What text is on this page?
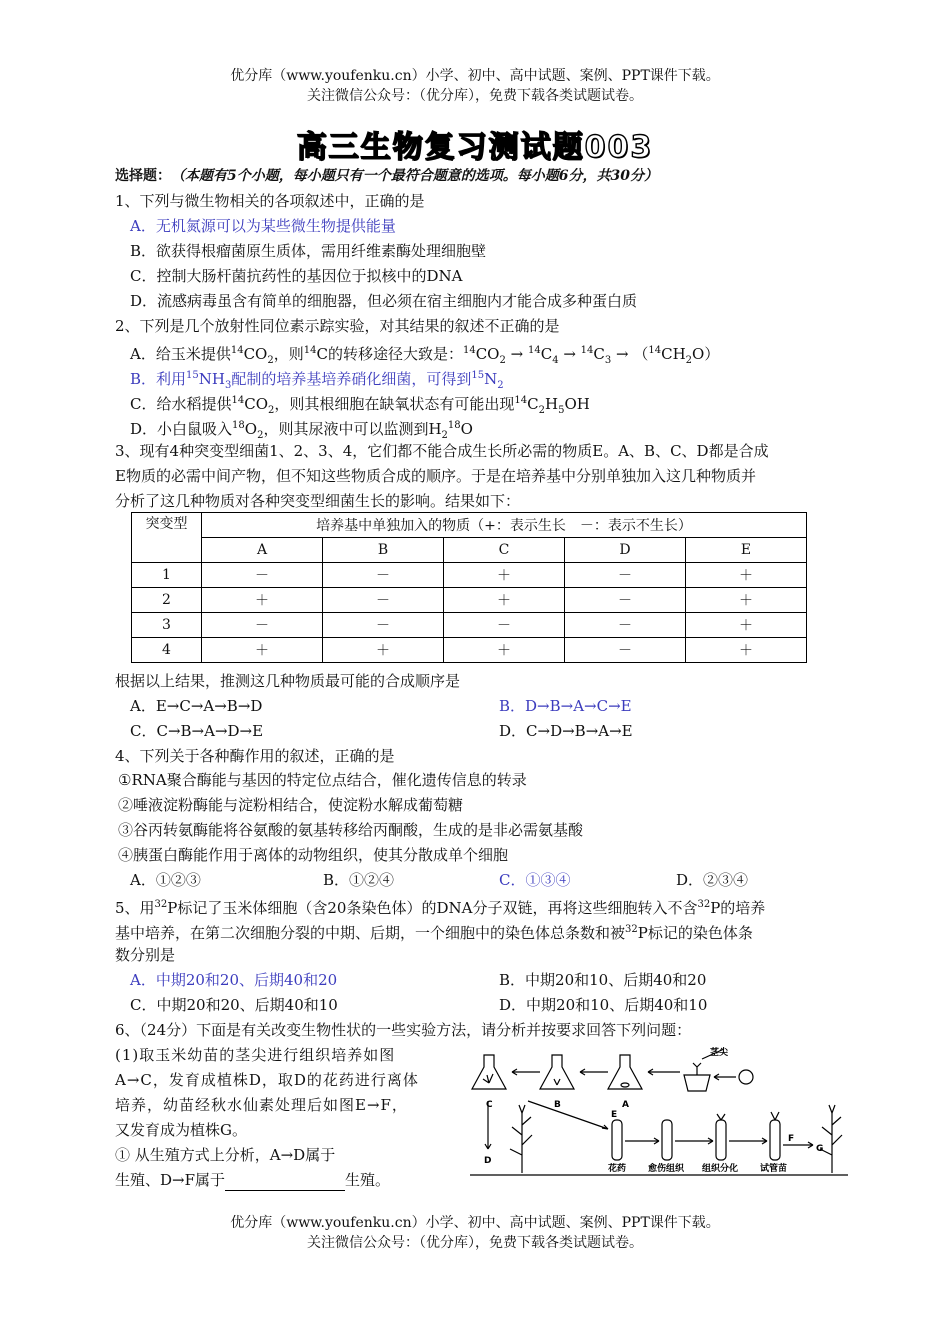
优分库（www.youfenku.cn）小学、初中、高中试题、案例、PPT课件下载。
关注微信公众号：（优分库），免费下载各类试题试卷。
高三生物复习测试题003
选择题：（本题有5个小题，每小题只有一个最符合题意的选项。每小题6分，共30分）
1、下列与微生物相关的各项叙述中，正确的是
A．无机氮源可以为某些微生物提供能量
B．欲获得根瘤菌原生质体，需用纤维素酶处理细胞壁
C．控制大肠杆菌抗药性的基因位于拟核中的DNA
D．流感病毒虽含有简单的细胞器，但必须在宿主细胞内才能合成多种蛋白质
2、下列是几个放射性同位素示踪实验，对其结果的叙述不正确的是
A．给玉米提供$^{14}CO_2$，则$^{14}$C的转移途径大致是：$^{14}CO_2 \to ^{14}C_4 \to ^{14}C_3 \to (^{14}CH_2O)$
B．利用$^{15}NH_3$配制的培养基培养硝化细菌，可得到$^{15}N_2$
C．给水稻提供$^{14}CO_2$，则其根细胞在缺氧状态有可能出现$^{14}C_2H_5OH$
D．小白鼠吸入$^{18}O_2$，则其尿液中可以监测到$H_2^{18}O$
3、现有4种突变型细菌1、2、3、4，它们都不能合成生长所必需的物质E。A、B、C、D都是合成
E物质的必需中间产物，但不知这些物质合成的顺序。于是在培养基中分别单独加入这几种物质并
分析了这几种物质对各种突变型细菌生长的影响。结果如下：
突变型	培养基中单独加入的物质（+：表示生长　－：表示不生长）				
	A	B	C	D	E
1	－	－	＋	－	＋
2	＋	－	＋	－	＋
3	－	－	－	－	＋
4	＋	＋	＋	－	＋
根据以上结果，推测这几种物质最可能的合成顺序是
A．E→C→A→B→D	B．D→B→A→C→E
C．C→B→A→D→E	D．C→D→B→A→E
4、下列关于各种酶作用的叙述，正确的是
①RNA聚合酶能与基因的特定位点结合，催化遗传信息的转录
②唾液淀粉酶能与淀粉相结合，使淀粉水解成葡萄糖
③谷丙转氨酶能将谷氨酸的氨基转移给丙酮酸，生成的是非必需氨基酸
④胰蛋白酶能作用于离体的动物组织，使其分散成单个细胞
A．①②③	B．①②④	C．①③④	D．②③④
5、用$^{32}$P标记了玉米体细胞（含20条染色体）的DNA分子双链，再将这些细胞转入不含$^{32}$P的培养
基中培养，在第二次细胞分裂的中期、后期，一个细胞中的染色体总条数和被$^{32}$P标记的染色体条
数分别是
A．中期20和20、后期40和20	B．中期20和10、后期40和20
C．中期20和20、后期40和10	D．中期20和10、后期40和10
6、（24分）下面是有关改变生物性状的一些实验方法，请分析并按要求回答下列问题：
(1)取玉米幼苗的茎尖进行组织培养如图
A→C，发育成植株D，取D的花药进行离体
培养，幼苗经秋水仙素处理后如图E→F，
又发育成为植株G。
① 从生殖方式上分析，A→D属于
生殖、D→F属于	生殖。
茎尖
C	B	A
D
E
F
G
花药 愈伤组织 组织分化 试管苗
优分库（www.youfenku.cn）小学、初中、高中试题、案例、PPT课件下载。
关注微信公众号：（优分库），免费下载各类试题试卷。
